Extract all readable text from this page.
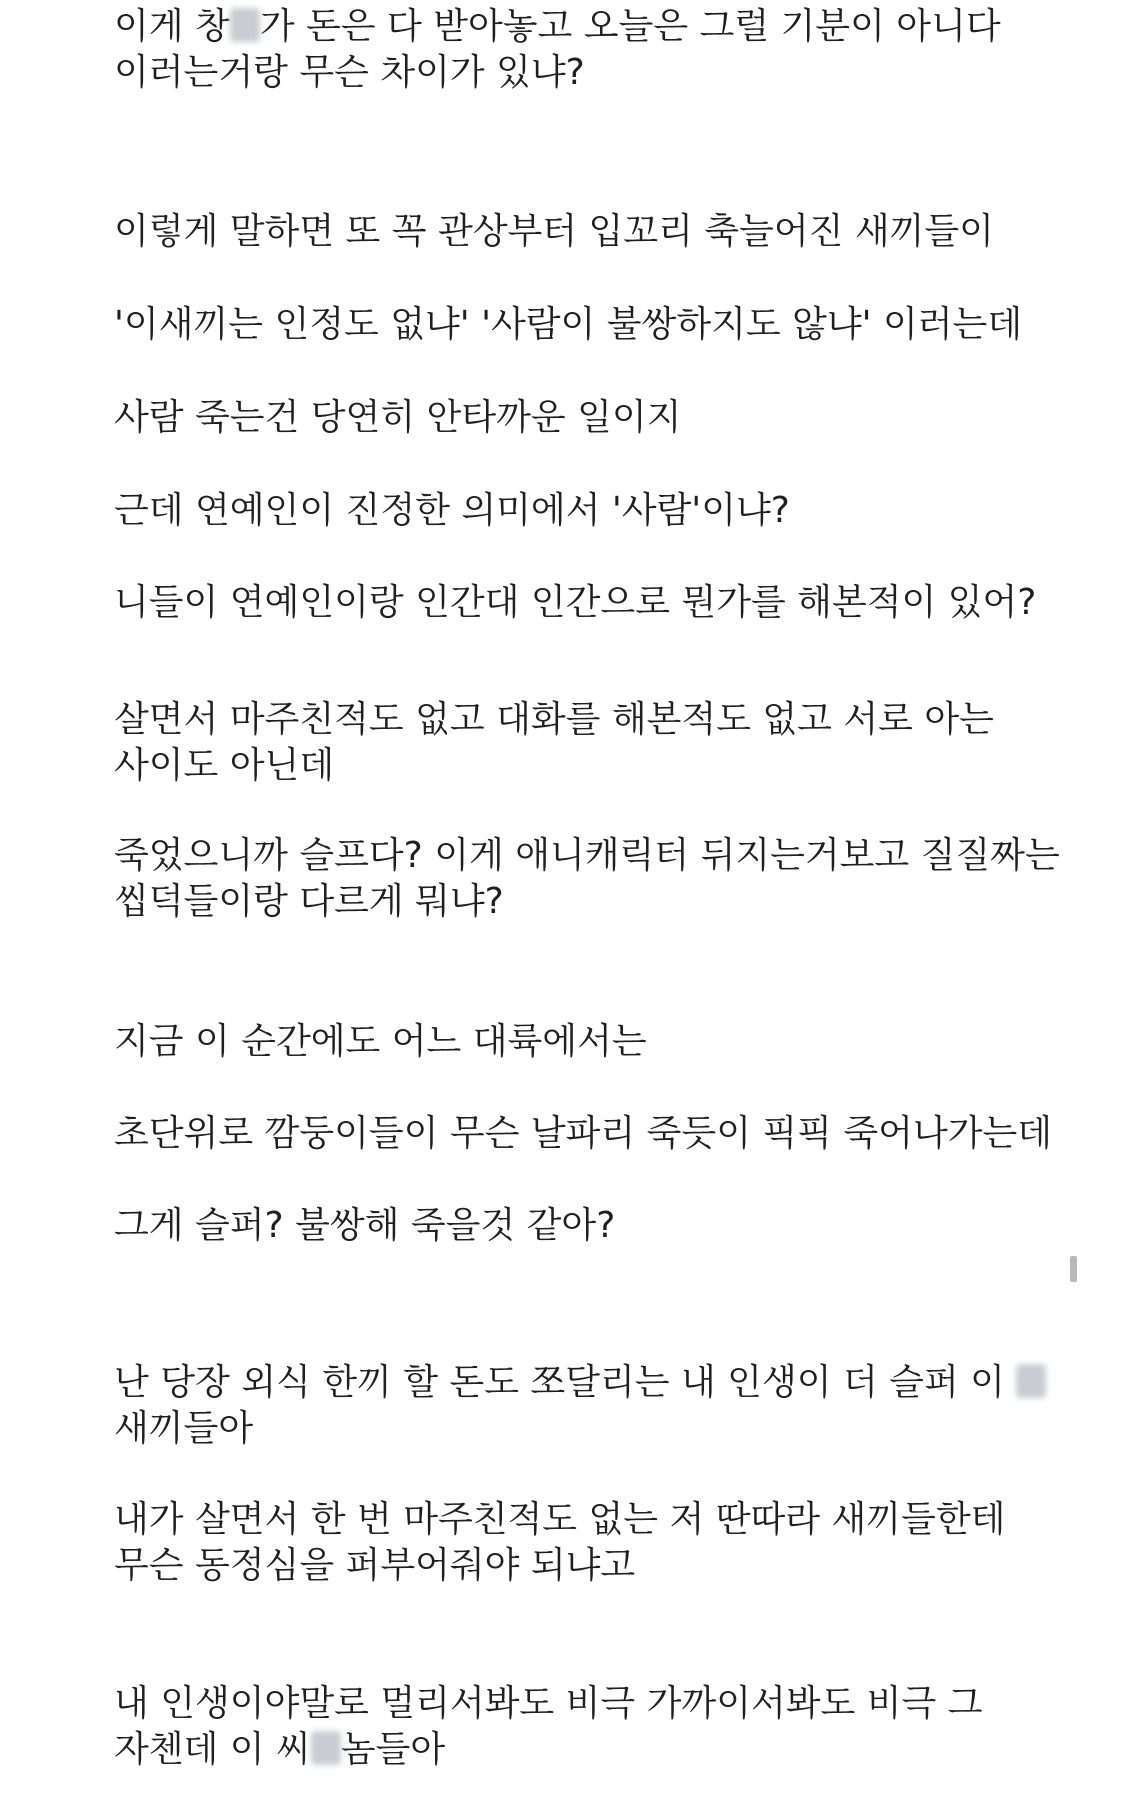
이게 창 가 돈은 다 받아놓고 오늘은 그럴 기분이 아니다 이러는거랑 무슨 차이가 있냐?

이렇게 말하면 또 꼭 관상부터 입꼬리 축늘어진 새끼들이

'이새끼는 인정도 없냐' '사람이 불쌍하지도 않냐' 이러는데

사람 죽는건 당연히 안타까운 일이지

근데 연예인이 진정한 의미에서 '사람'이냐?

니들이 연예인이랑 인간대 인간으로 뭔가를 해본적이 있어?

살면서 마주친적도 없고 대화를 해본적도 없고 서로 아는 사이도 아닌데

죽었으니까 슬프다? 이게 애니캐릭터 뒤지는거보고 질질짜는 씹덕들이랑 다르게 뭐냐?

지금 이 순간에도 어느 대륙에서는

초단위로 깜둥이들이 무슨 날파리 죽듯이 픽픽 죽어나가는데

그게 슬퍼? 불쌍해 죽을것 같아?

난 당장 외식 한끼 할 돈도 쪼달리는 내 인생이 더 슬퍼 이 새끼들아

내가 살면서 한 번 마주친적도 없는 저 딴따라 새끼들한테 무슨 동정심을 퍼부어줘야 되냐고

내 인생이야말로 멀리서봐도 비극 가까이서봐도 비극 그 자첸데 이 씨 놈들아
